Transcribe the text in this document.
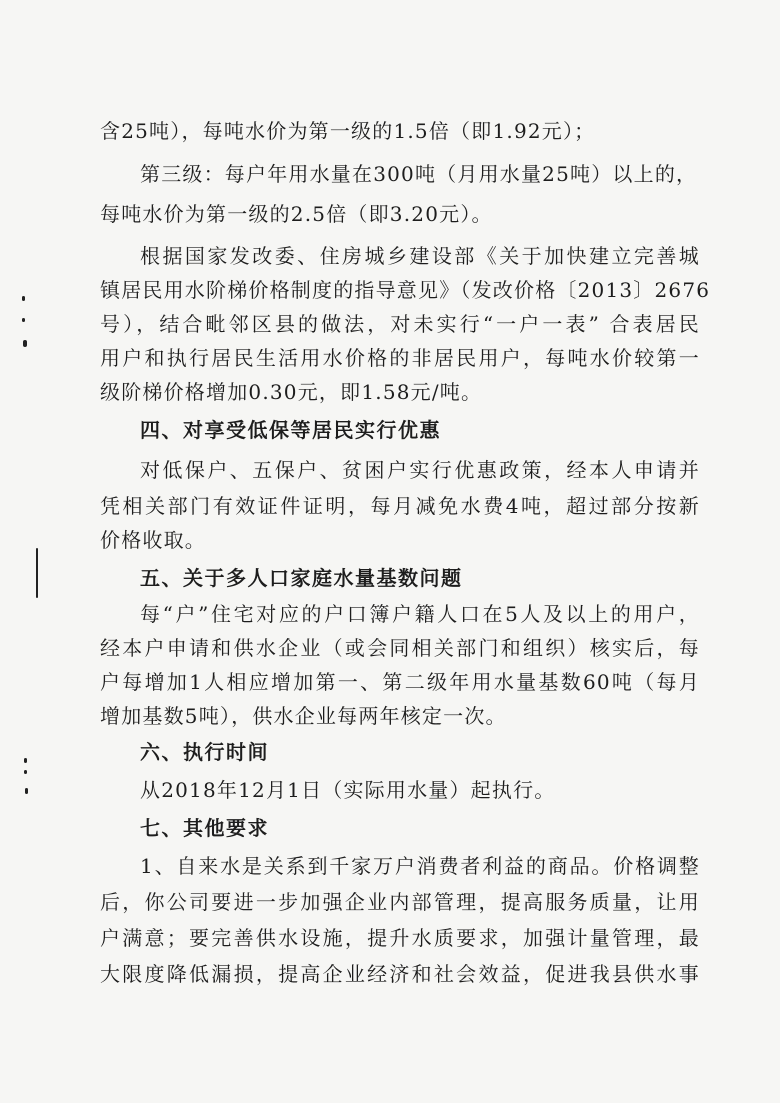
含25吨），每吨水价为第一级的1.5倍（即1.92元）；
第三级：每户年用水量在300吨（月用水量25吨）以上的，
每吨水价为第一级的2.5倍（即3.20元）。
根据国家发改委、住房城乡建设部《关于加快建立完善城
镇居民用水阶梯价格制度的指导意见》（发改价格〔2013〕2676
号），结合毗邻区县的做法，对未实行“一户一表” 合表居民
用户和执行居民生活用水价格的非居民用户，每吨水价较第一
级阶梯价格增加0.30元，即1.58元/吨。
四、对享受低保等居民实行优惠
对低保户、五保户、贫困户实行优惠政策，经本人申请并
凭相关部门有效证件证明，每月减免水费4吨，超过部分按新
价格收取。
五、关于多人口家庭水量基数问题
每“户”住宅对应的户口簿户籍人口在5人及以上的用户，
经本户申请和供水企业（或会同相关部门和组织）核实后，每
户每增加1人相应增加第一、第二级年用水量基数60吨（每月
增加基数5吨），供水企业每两年核定一次。
六、执行时间
从2018年12月1日（实际用水量）起执行。
七、其他要求
1、自来水是关系到千家万户消费者利益的商品。价格调整
后，你公司要进一步加强企业内部管理，提高服务质量，让用
户满意；要完善供水设施，提升水质要求，加强计量管理，最
大限度降低漏损，提高企业经济和社会效益，促进我县供水事
